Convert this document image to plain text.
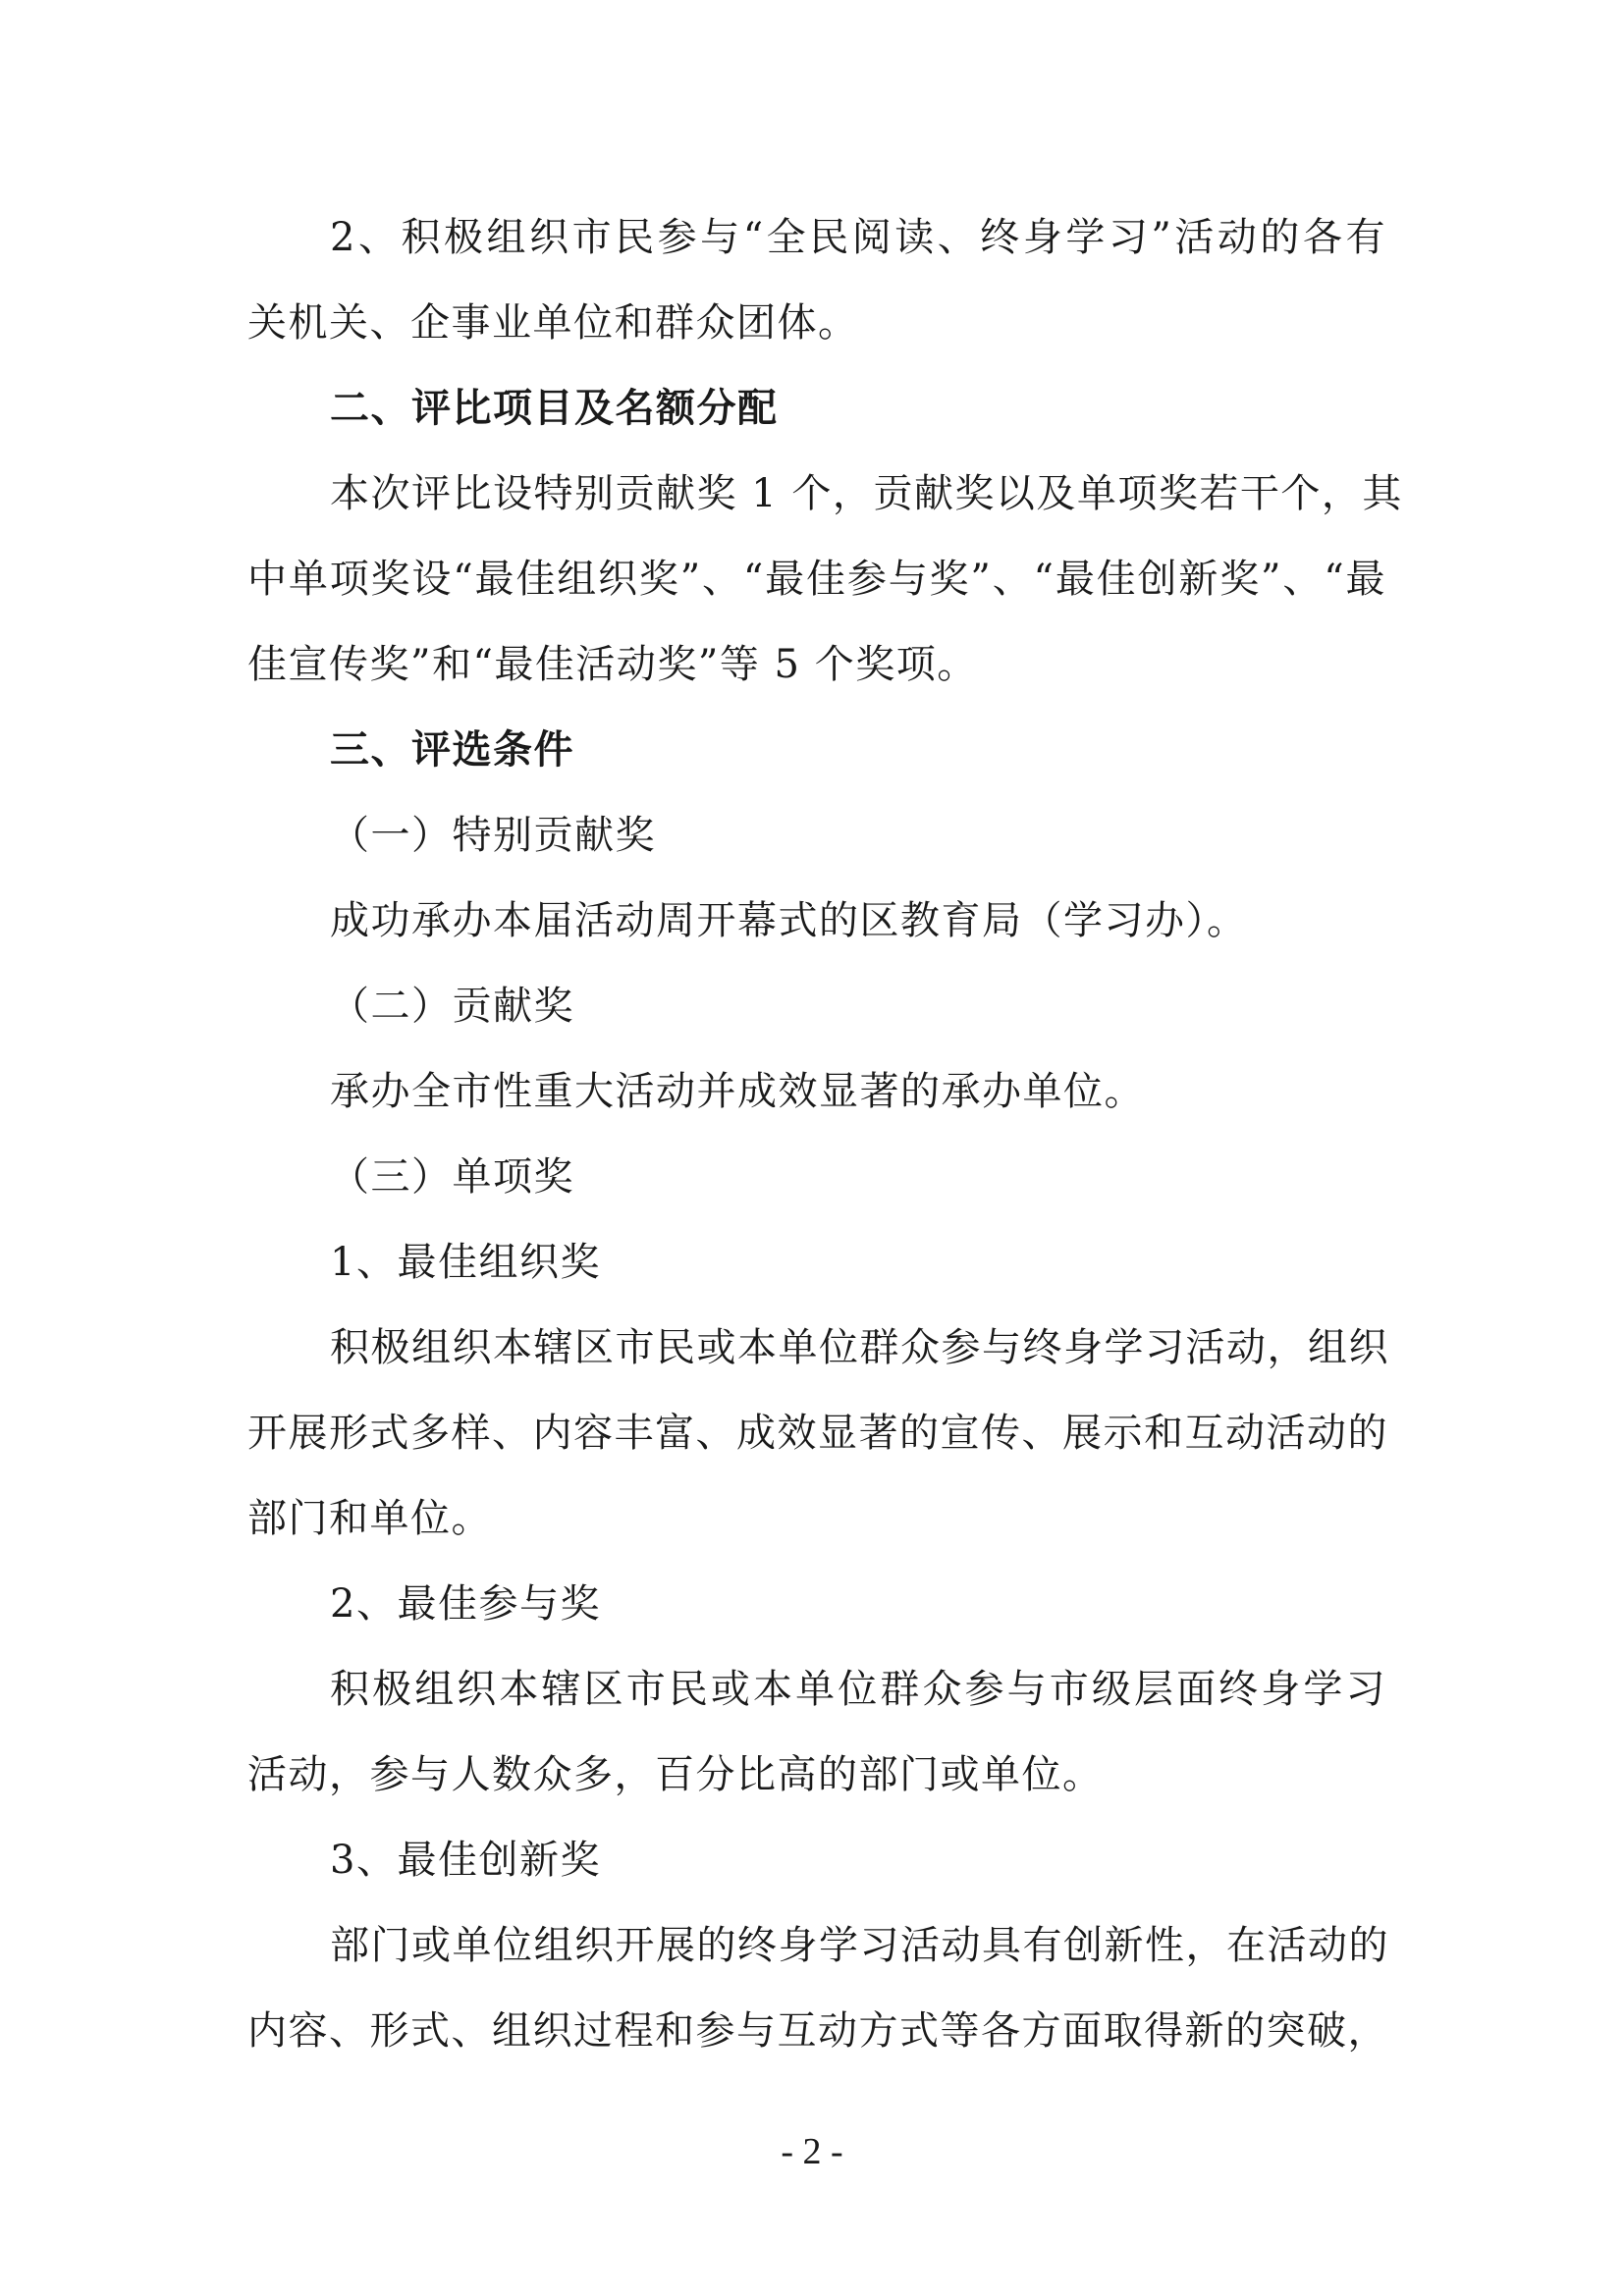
2、积极组织市民参与“全民阅读、终身学习”活动的各有
关机关、企事业单位和群众团体。
二、评比项目及名额分配
本次评比设特别贡献奖 1 个，贡献奖以及单项奖若干个，其
中单项奖设“最佳组织奖”、“最佳参与奖”、“最佳创新奖”、“最
佳宣传奖”和“最佳活动奖”等 5 个奖项。
三、评选条件
（一）特别贡献奖
成功承办本届活动周开幕式的区教育局（学习办）。
（二）贡献奖
承办全市性重大活动并成效显著的承办单位。
（三）单项奖
1、最佳组织奖
积极组织本辖区市民或本单位群众参与终身学习活动，组织
开展形式多样、内容丰富、成效显著的宣传、展示和互动活动的
部门和单位。
2、最佳参与奖
积极组织本辖区市民或本单位群众参与市级层面终身学习
活动，参与人数众多，百分比高的部门或单位。
3、最佳创新奖
部门或单位组织开展的终身学习活动具有创新性，在活动的
内容、形式、组织过程和参与互动方式等各方面取得新的突破，
- 2 -
